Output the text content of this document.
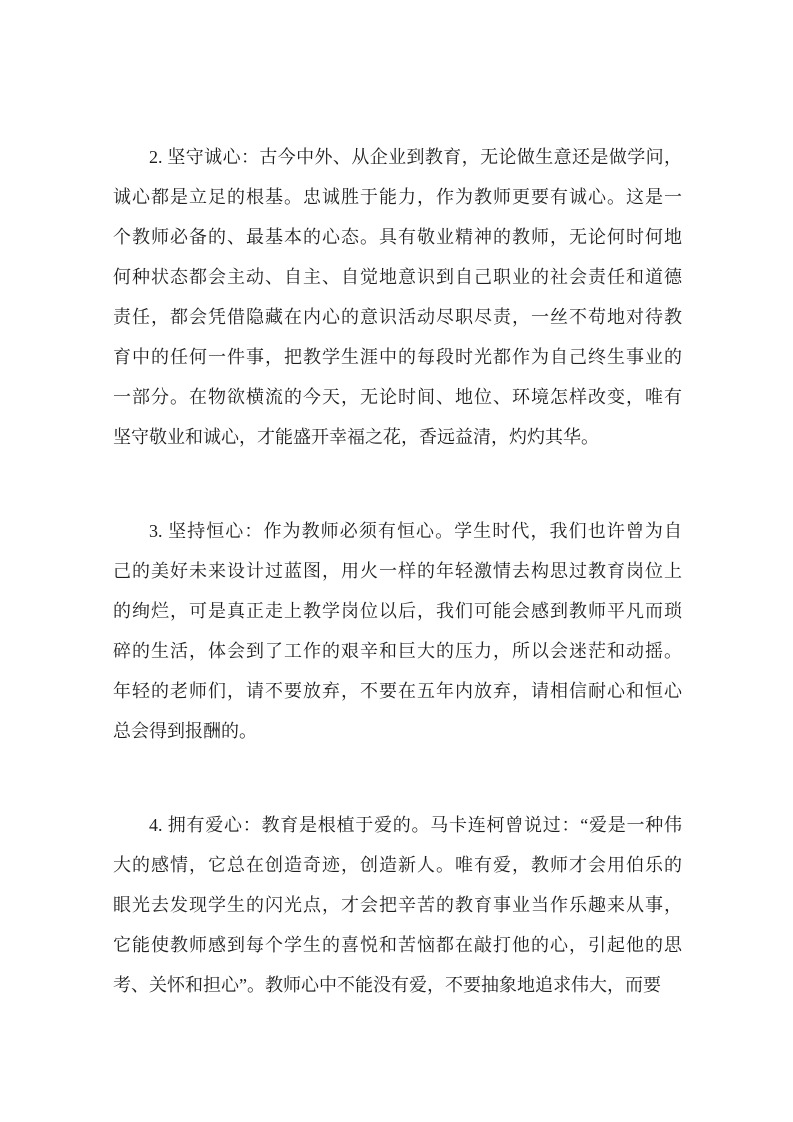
2. 坚守诚心：古今中外、从企业到教育，无论做生意还是做学问，
诚心都是立足的根基。忠诚胜于能力，作为教师更要有诚心。这是一
个教师必备的、最基本的心态。具有敬业精神的教师，无论何时何地
何种状态都会主动、自主、自觉地意识到自己职业的社会责任和道德
责任，都会凭借隐藏在内心的意识活动尽职尽责，一丝不苟地对待教
育中的任何一件事，把教学生涯中的每段时光都作为自己终生事业的
一部分。在物欲横流的今天，无论时间、地位、环境怎样改变，唯有
坚守敬业和诚心，才能盛开幸福之花，香远益清，灼灼其华。
3. 坚持恒心：作为教师必须有恒心。学生时代，我们也许曾为自
己的美好未来设计过蓝图，用火一样的年轻激情去构思过教育岗位上
的绚烂，可是真正走上教学岗位以后，我们可能会感到教师平凡而琐
碎的生活，体会到了工作的艰辛和巨大的压力，所以会迷茫和动摇。
年轻的老师们，请不要放弃，不要在五年内放弃，请相信耐心和恒心
总会得到报酬的。
4. 拥有爱心：教育是根植于爱的。马卡连柯曾说过：“爱是一种伟
大的感情，它总在创造奇迹，创造新人。唯有爱，教师才会用伯乐的
眼光去发现学生的闪光点，才会把辛苦的教育事业当作乐趣来从事，
它能使教师感到每个学生的喜悦和苦恼都在敲打他的心，引起他的思
考、关怀和担心”。教师心中不能没有爱，不要抽象地追求伟大，而要
